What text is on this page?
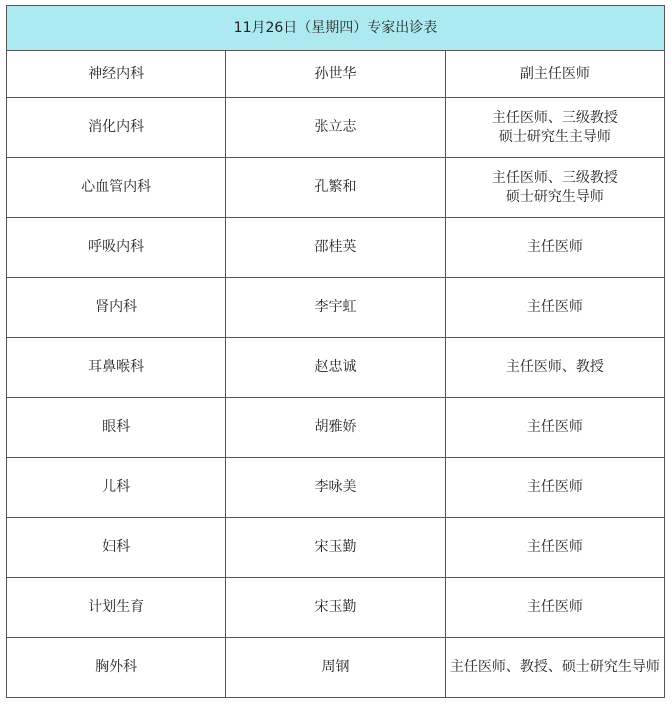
11月26日（星期四）专家出诊表		
神经内科	孙世华	副主任医师

消化内科	张立志	主任医师、三级教授
硕士研究生主导师

心血管内科	孔繁和	主任医师、三级教授
硕士研究生导师

呼吸内科	邵桂英	主任医师

肾内科	李宇虹	主任医师

耳鼻喉科	赵忠诚	主任医师、教授

眼科	胡雅娇	主任医师

儿科	李咏美	主任医师

妇科	宋玉勤	主任医师

计划生育	宋玉勤	主任医师

胸外科	周钢	主任医师、教授、硕士研究生导师
